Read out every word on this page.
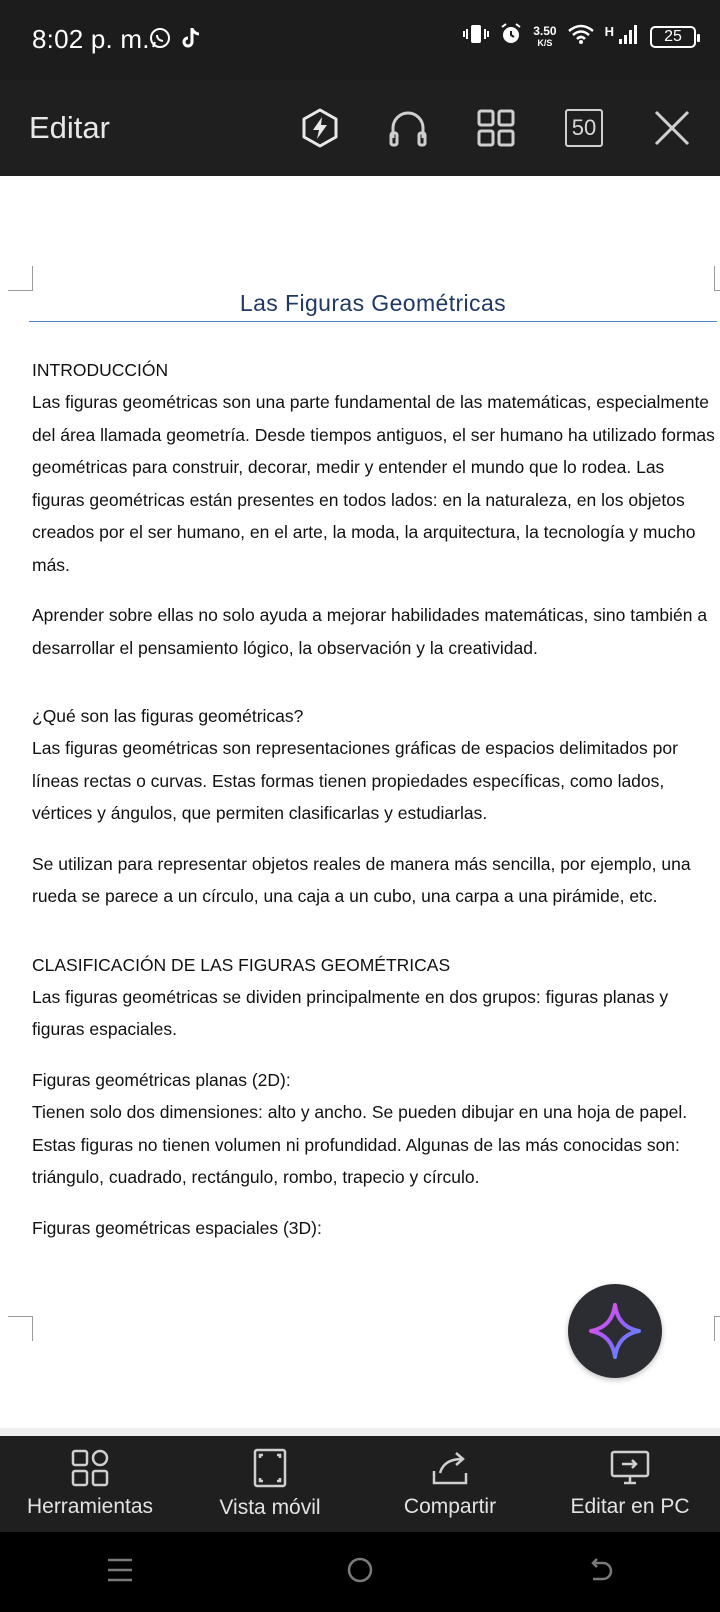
8:02 p. m.	3.50
K/S
H	25
Editar	50
Las Figuras Geométricas
INTRODUCCIÓN

Las figuras geométricas son una parte fundamental de las matemáticas, especialmente del área llamada geometría. Desde tiempos antiguos, el ser humano ha utilizado formas geométricas para construir, decorar, medir y entender el mundo que lo rodea. Las figuras geométricas están presentes en todos lados: en la naturaleza, en los objetos creados por el ser humano, en el arte, la moda, la arquitectura, la tecnología y mucho más.

Aprender sobre ellas no solo ayuda a mejorar habilidades matemáticas, sino también a desarrollar el pensamiento lógico, la observación y la creatividad.

¿Qué son las figuras geométricas?

Las figuras geométricas son representaciones gráficas de espacios delimitados por líneas rectas o curvas. Estas formas tienen propiedades específicas, como lados, vértices y ángulos, que permiten clasificarlas y estudiarlas.

Se utilizan para representar objetos reales de manera más sencilla, por ejemplo, una rueda se parece a un círculo, una caja a un cubo, una carpa a una pirámide, etc.

CLASIFICACIÓN DE LAS FIGURAS GEOMÉTRICAS

Las figuras geométricas se dividen principalmente en dos grupos: figuras planas y figuras espaciales.

Figuras geométricas planas (2D):

Tienen solo dos dimensiones: alto y ancho. Se pueden dibujar en una hoja de papel. Estas figuras no tienen volumen ni profundidad. Algunas de las más conocidas son: triángulo, cuadrado, rectángulo, rombo, trapecio y círculo.

Figuras geométricas espaciales (3D):

Herramientas	Vista móvil	Compartir	Editar en PC
